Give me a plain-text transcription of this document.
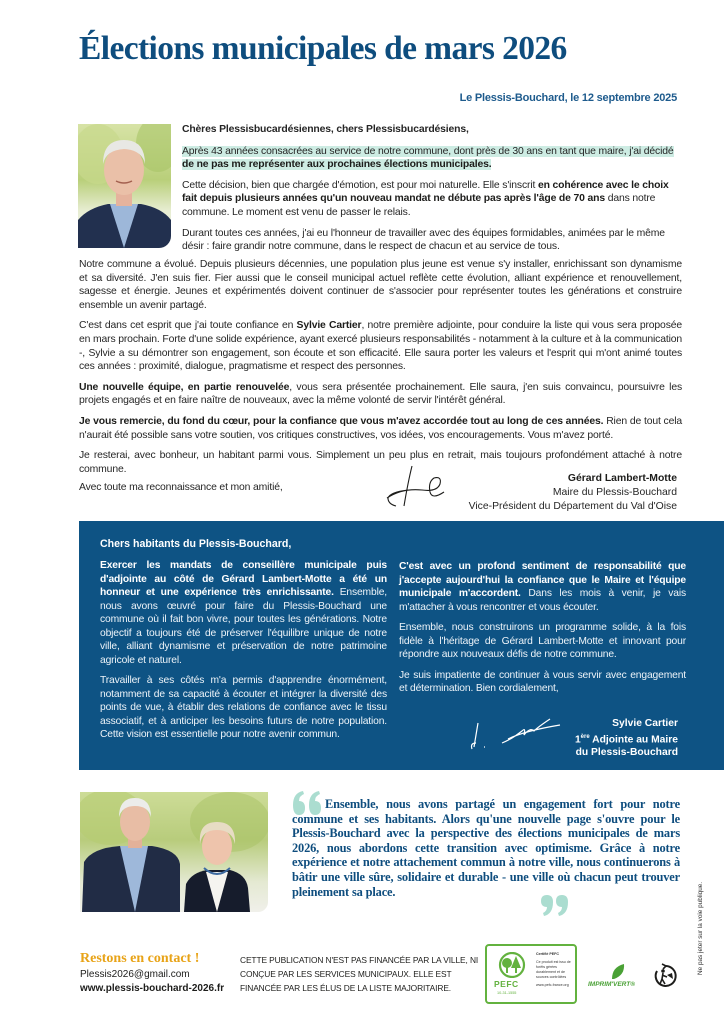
Élections municipales de mars 2026
Le Plessis-Bouchard, le 12 septembre 2025
Chères Plessisbucardésiennes, chers Plessisbucardésiens,
Après 43 années consacrées au service de notre commune, dont près de 30 ans en tant que maire, j'ai décidé de ne pas me représenter aux prochaines élections municipales.
Cette décision, bien que chargée d'émotion, est pour moi naturelle. Elle s'inscrit en cohérence avec le choix fait depuis plusieurs années qu'un nouveau mandat ne débute pas après l'âge de 70 ans dans notre commune. Le moment est venu de passer le relais.
Durant toutes ces années, j'ai eu l'honneur de travailler avec des équipes formidables, animées par le même désir : faire grandir notre commune, dans le respect de chacun et au service de tous.
Notre commune a évolué. Depuis plusieurs décennies, une population plus jeune est venue s'y installer, enrichissant son dynamisme et sa diversité. J'en suis fier. Fier aussi que le conseil municipal actuel reflète cette évolution, alliant expérience et renouvellement, sagesse et énergie. Jeunes et expérimentés doivent continuer de s'associer pour représenter toutes les générations et construire ensemble un avenir partagé.
C'est dans cet esprit que j'ai toute confiance en Sylvie Cartier, notre première adjointe, pour conduire la liste qui vous sera proposée en mars prochain. Forte d'une solide expérience, ayant exercé plusieurs responsabilités - notamment à la culture et à la communication -, Sylvie a su démontrer son engagement, son écoute et son efficacité. Elle saura porter les valeurs et l'esprit qui m'ont animé toutes ces années : proximité, dialogue, pragmatisme et respect des personnes.
Une nouvelle équipe, en partie renouvelée, vous sera présentée prochainement. Elle saura, j'en suis convaincu, poursuivre les projets engagés et en faire naître de nouveaux, avec la même volonté de servir l'intérêt général.
Je vous remercie, du fond du cœur, pour la confiance que vous m'avez accordée tout au long de ces années. Rien de tout cela n'aurait été possible sans votre soutien, vos critiques constructives, vos idées, vos encouragements. Vous m'avez porté.
Je resterai, avec bonheur, un habitant parmi vous. Simplement un peu plus en retrait, mais toujours profondément attaché à notre commune.
Avec toute ma reconnaissance et mon amitié,
Gérard Lambert-Motte
Maire du Plessis-Bouchard
Vice-Président du Département du Val d'Oise
Chers habitants du Plessis-Bouchard,
Exercer les mandats de conseillère municipale puis d'adjointe au côté de Gérard Lambert-Motte a été un honneur et une expérience très enrichissante. Ensemble, nous avons œuvré pour faire du Plessis-Bouchard une commune où il fait bon vivre, pour toutes les générations. Notre objectif a toujours été de préserver l'équilibre unique de notre ville, alliant dynamisme et préservation de notre patrimoine agricole et naturel.
Travailler à ses côtés m'a permis d'apprendre énormément, notamment de sa capacité à écouter et intégrer la diversité des points de vue, à établir des relations de confiance avec le tissu associatif, et à anticiper les besoins futurs de notre population. Cette vision est essentielle pour notre avenir commun.
C'est avec un profond sentiment de responsabilité que j'accepte aujourd'hui la confiance que le Maire et l'équipe municipale m'accordent. Dans les mois à venir, je vais m'attacher à vous rencontrer et vous écouter.
Ensemble, nous construirons un programme solide, à la fois fidèle à l'héritage de Gérard Lambert-Motte et innovant pour répondre aux nouveaux défis de notre commune.
Je suis impatiente de continuer à vous servir avec engagement et détermination. Bien cordialement,
Sylvie Cartier
1ère Adjointe au Maire
du Plessis-Bouchard
Ensemble, nous avons partagé un engagement fort pour notre commune et ses habitants. Alors qu'une nouvelle page s'ouvre pour le Plessis-Bouchard avec la perspective des élections municipales de mars 2026, nous abordons cette transition avec optimisme. Grâce à notre expérience et notre attachement commun à notre ville, nous continuerons à bâtir une ville sûre, solidaire et durable - une ville où chacun peut trouver pleinement sa place.
Restons en contact !
Plessis2026@gmail.com
www.plessis-bouchard-2026.fr
CETTE PUBLICATION N'EST PAS FINANCÉE PAR LA VILLE, NI CONÇUE PAR LES SERVICES MUNICIPAUX. ELLE EST FINANCÉE PAR LES ÉLUS DE LA LISTE MAJORITAIRE.	PEFC
10-31-1555
Certifié PEFC
Ce produit est issu de forêts gérées durablement et de sources contrôlées
www.pefc-france.org	IMPRIM'VERT®
Ne pas jeter sur la voie publique.
